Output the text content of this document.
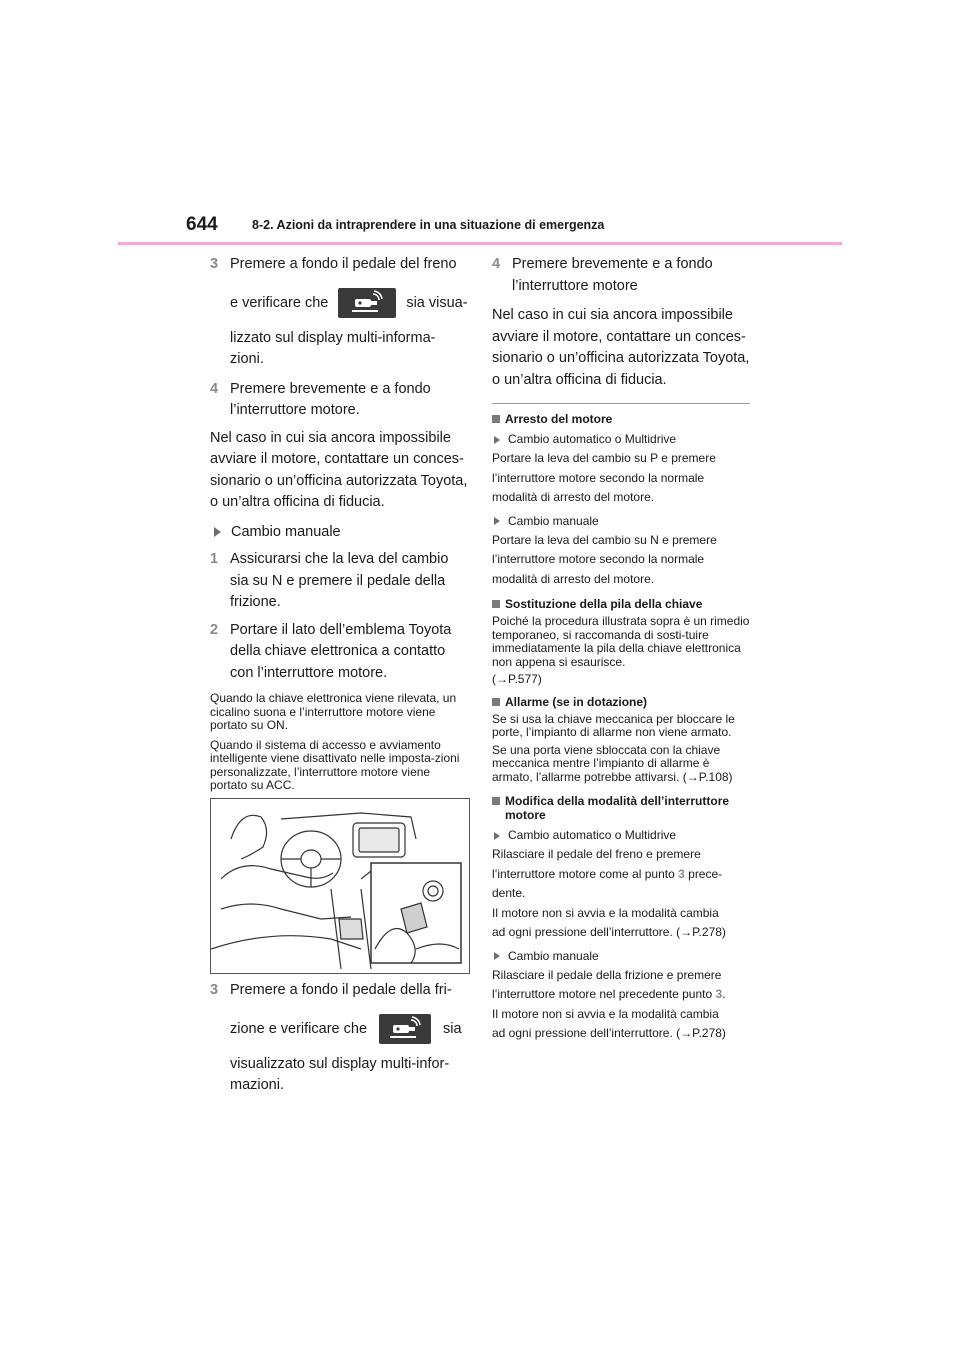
644	8-2. Azioni da intraprendere in una situazione di emergenza
3 Premere a fondo il pedale del freno
e verificare che	sia visua-
lizzato sul display multi-informa-
zioni.
4 Premere brevemente e a fondo
l’interruttore motore.
Nel caso in cui sia ancora impossibile avviare il motore, contattare un conces-sionario o un’officina autorizzata Toyota, o un’altra officina di fiducia.
Cambio manuale
1 Assicurarsi che la leva del cambio
sia su N e premere il pedale della
frizione.
2 Portare il lato dell’emblema Toyota
della chiave elettronica a contatto
con l’interruttore motore.
Quando la chiave elettronica viene rilevata, un cicalino suona e l’interruttore motore viene portato su ON.
Quando il sistema di accesso e avviamento intelligente viene disattivato nelle imposta-zioni personalizzate, l’interruttore motore viene portato su ACC.
3 Premere a fondo il pedale della fri-
zione e verificare che	sia
visualizzato sul display multi-infor-
mazioni.
4 Premere brevemente e a fondo
l’interruttore motore
Nel caso in cui sia ancora impossibile avviare il motore, contattare un conces-sionario o un’officina autorizzata Toyota, o un’altra officina di fiducia.
Arresto del motore
Cambio automatico o Multidrive
Portare la leva del cambio su P e premere
l’interruttore motore secondo la normale
modalità di arresto del motore.
Cambio manuale
Portare la leva del cambio su N e premere
l’interruttore motore secondo la normale
modalità di arresto del motore.
Sostituzione della pila della chiave
Poiché la procedura illustrata sopra è un rimedio temporaneo, si raccomanda di sosti-tuire immediatamente la pila della chiave elettronica non appena si esaurisce.
(→P.577)
Allarme (se in dotazione)
Se si usa la chiave meccanica per bloccare le porte, l’impianto di allarme non viene armato.
Se una porta viene sbloccata con la chiave meccanica mentre l’impianto di allarme è armato, l’allarme potrebbe attivarsi. (→P.108)
Modifica della modalità dell’interruttore
motore
Cambio automatico o Multidrive
Rilasciare il pedale del freno e premere
l’interruttore motore come al punto 3 prece-
dente.
Il motore non si avvia e la modalità cambia
ad ogni pressione dell’interruttore. (→P.278)
Cambio manuale
Rilasciare il pedale della frizione e premere
l’interruttore motore nel precedente punto 3.
Il motore non si avvia e la modalità cambia
ad ogni pressione dell’interruttore. (→P.278)
